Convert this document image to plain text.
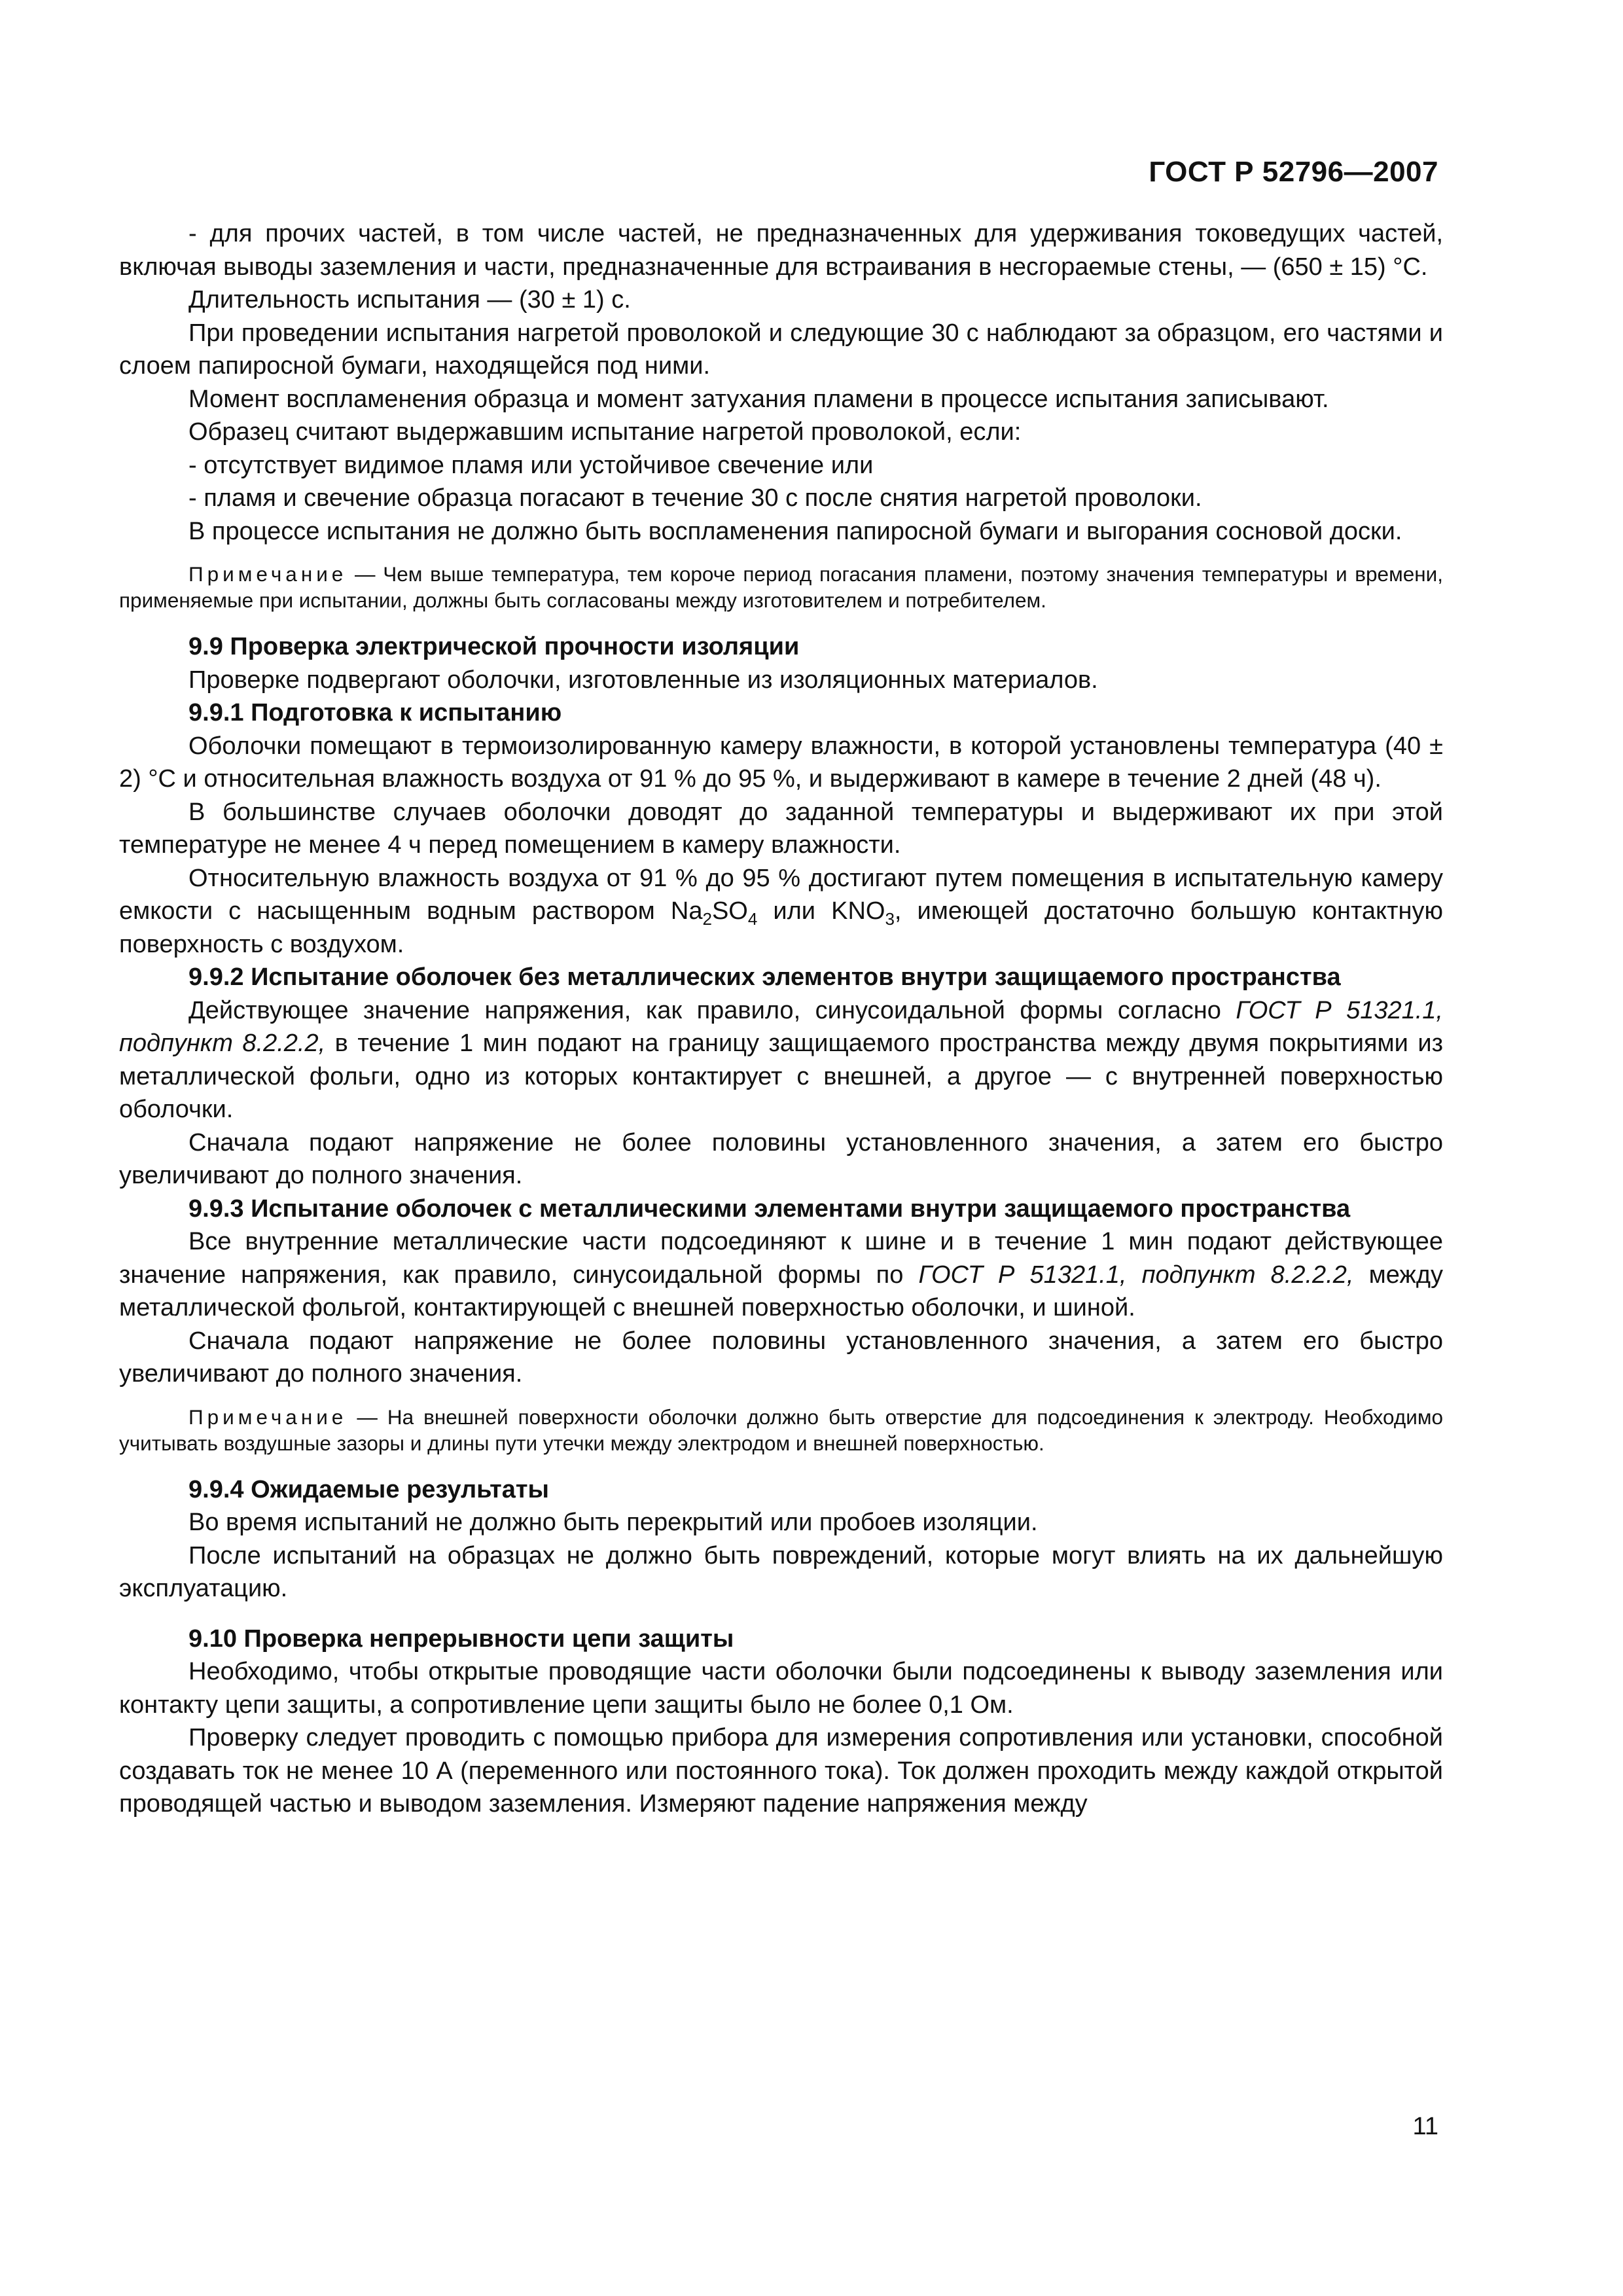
ГОСТ Р 52796—2007

- для прочих частей, в том числе частей, не предназначенных для удерживания токоведущих частей, включая выводы заземления и части, предназначенные для встраивания в несгораемые стены, — (650 ± 15) °С.

Длительность испытания — (30 ± 1) с.

При проведении испытания нагретой проволокой и следующие 30 с наблюдают за образцом, его частями и слоем папиросной бумаги, находящейся под ними.

Момент воспламенения образца и момент затухания пламени в процессе испытания записывают.

Образец считают выдержавшим испытание нагретой проволокой, если:

- отсутствует видимое пламя или устойчивое свечение или

- пламя и свечение образца погасают в течение 30 с после снятия нагретой проволоки.

В процессе испытания не должно быть воспламенения папиросной бумаги и выгорания сосновой доски.

Примечание — Чем выше температура, тем короче период погасания пламени, поэтому значения температуры и времени, применяемые при испытании, должны быть согласованы между изготовителем и потребителем.

9.9 Проверка электрической прочности изоляции

Проверке подвергают оболочки, изготовленные из изоляционных материалов.

9.9.1 Подготовка к испытанию

Оболочки помещают в термоизолированную камеру влажности, в которой установлены температура (40 ± 2) °С и относительная влажность воздуха от 91 % до 95 %, и выдерживают в камере в течение 2 дней (48 ч).

В большинстве случаев оболочки доводят до заданной температуры и выдерживают их при этой температуре не менее 4 ч перед помещением в камеру влажности.

Относительную влажность воздуха от 91 % до 95 % достигают путем помещения в испытательную камеру емкости с насыщенным водным раствором $Na_2SO_4$ или $KNO_3$, имеющей достаточно большую контактную поверхность с воздухом.

9.9.2 Испытание оболочек без металлических элементов внутри защищаемого пространства

Действующее значение напряжения, как правило, синусоидальной формы согласно ГОСТ Р 51321.1, подпункт 8.2.2.2, в течение 1 мин подают на границу защищаемого пространства между двумя покрытиями из металлической фольги, одно из которых контактирует с внешней, а другое — с внутренней поверхностью оболочки.

Сначала подают напряжение не более половины установленного значения, а затем его быстро увеличивают до полного значения.

9.9.3 Испытание оболочек с металлическими элементами внутри защищаемого пространства

Все внутренние металлические части подсоединяют к шине и в течение 1 мин подают действующее значение напряжения, как правило, синусоидальной формы по ГОСТ Р 51321.1, подпункт 8.2.2.2, между металлической фольгой, контактирующей с внешней поверхностью оболочки, и шиной.

Сначала подают напряжение не более половины установленного значения, а затем его быстро увеличивают до полного значения.

Примечание — На внешней поверхности оболочки должно быть отверстие для подсоединения к электроду. Необходимо учитывать воздушные зазоры и длины пути утечки между электродом и внешней поверхностью.

9.9.4 Ожидаемые результаты

Во время испытаний не должно быть перекрытий или пробоев изоляции.

После испытаний на образцах не должно быть повреждений, которые могут влиять на их дальнейшую эксплуатацию.

9.10 Проверка непрерывности цепи защиты

Необходимо, чтобы открытые проводящие части оболочки были подсоединены к выводу заземления или контакту цепи защиты, а сопротивление цепи защиты было не более 0,1 Ом.

Проверку следует проводить с помощью прибора для измерения сопротивления или установки, способной создавать ток не менее 10 А (переменного или постоянного тока). Ток должен проходить между каждой открытой проводящей частью и выводом заземления. Измеряют падение напряжения между

11
